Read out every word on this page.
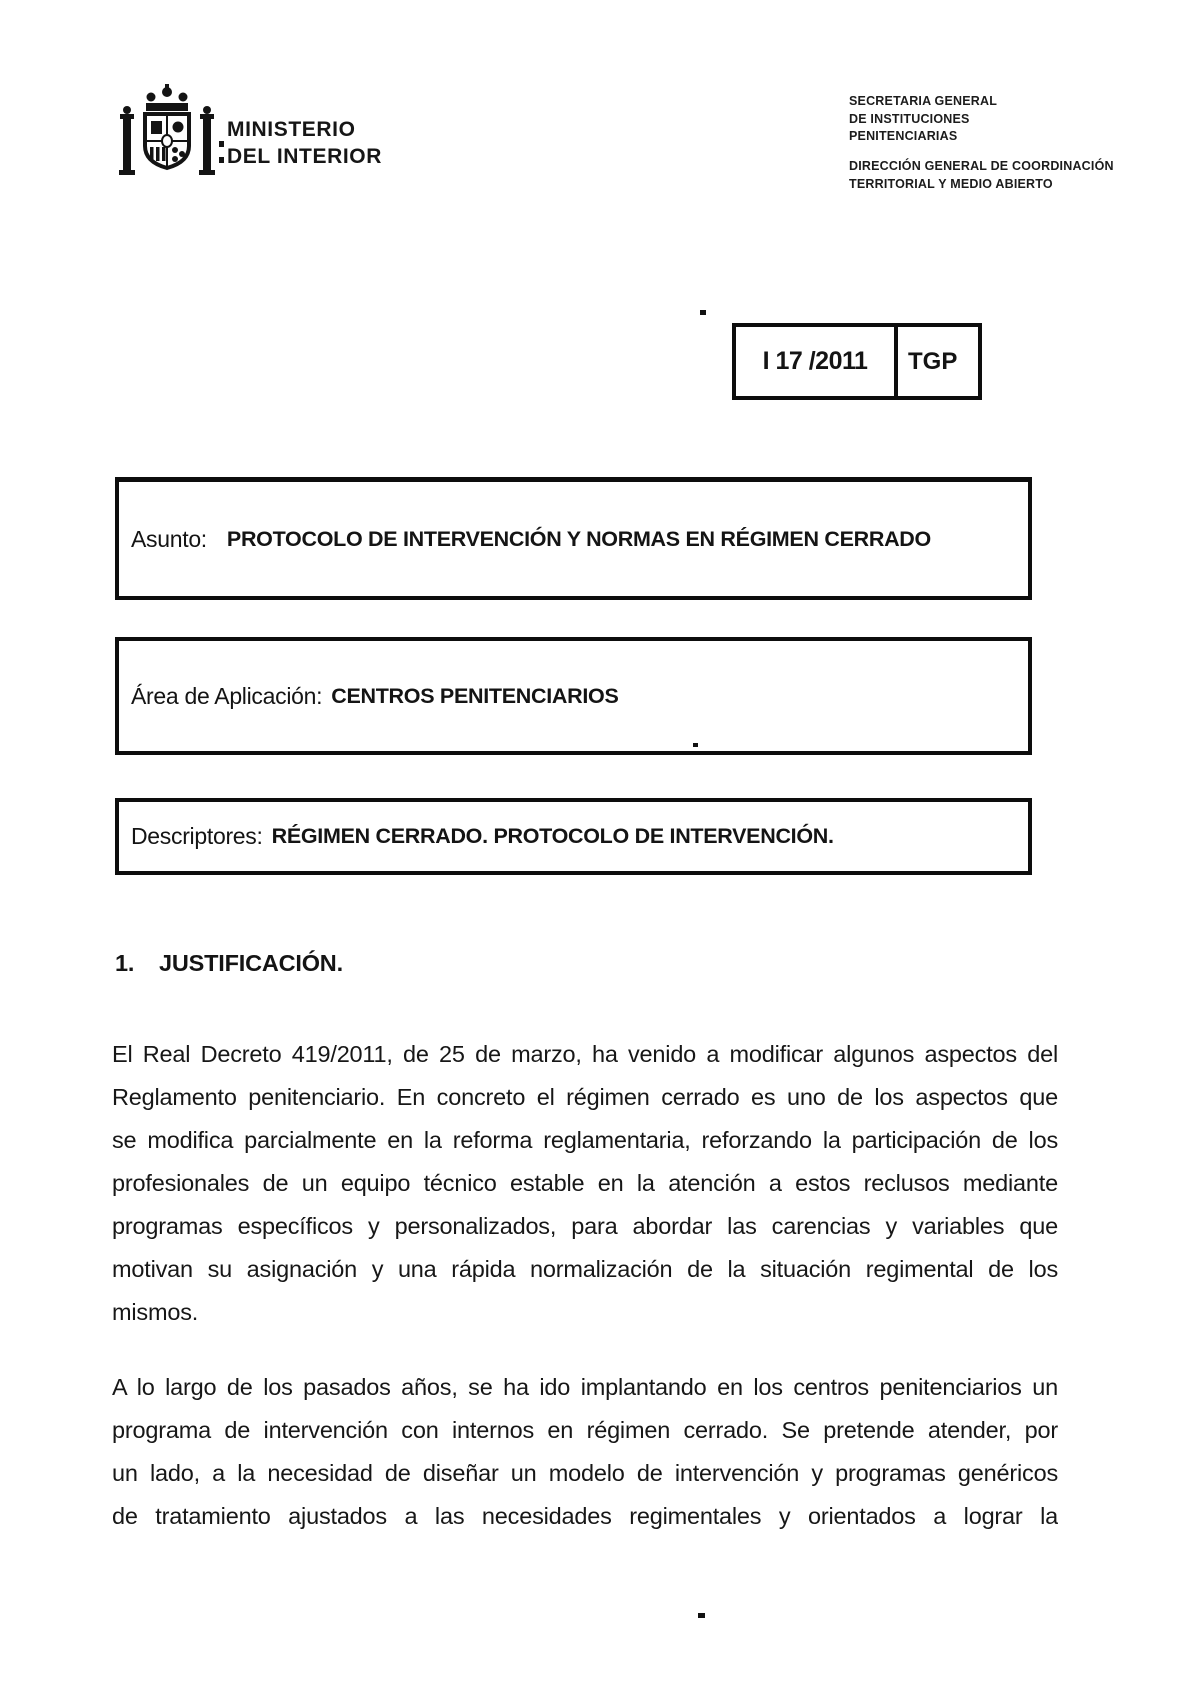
MINISTERIO
DEL INTERIOR
SECRETARIA GENERAL
DE INSTITUCIONES
PENITENCIARIAS
DIRECCIÓN GENERAL DE COORDINACIÓN
TERRITORIAL Y MEDIO ABIERTO
I 17 /2011	TGP
Asunto: PROTOCOLO DE INTERVENCIÓN Y NORMAS EN RÉGIMEN CERRADO
Área de Aplicación: CENTROS PENITENCIARIOS
Descriptores: RÉGIMEN CERRADO. PROTOCOLO DE INTERVENCIÓN.
1.	JUSTIFICACIÓN.
El Real Decreto 419/2011, de 25 de marzo, ha venido a modificar algunos aspectos del
Reglamento penitenciario. En concreto el régimen cerrado es uno de los aspectos que
se modifica parcialmente en la reforma reglamentaria, reforzando la participación de los
profesionales de un equipo técnico estable en la atención a estos reclusos mediante
programas específicos y personalizados, para abordar las carencias y variables que
motivan su asignación y una rápida normalización de la situación regimental de los
mismos.
A lo largo de los pasados años, se ha ido implantando en los centros penitenciarios un
programa de intervención con internos en régimen cerrado. Se pretende atender, por
un lado, a la necesidad de diseñar un modelo de intervención y programas genéricos
de tratamiento ajustados a las necesidades regimentales y orientados a lograr la
